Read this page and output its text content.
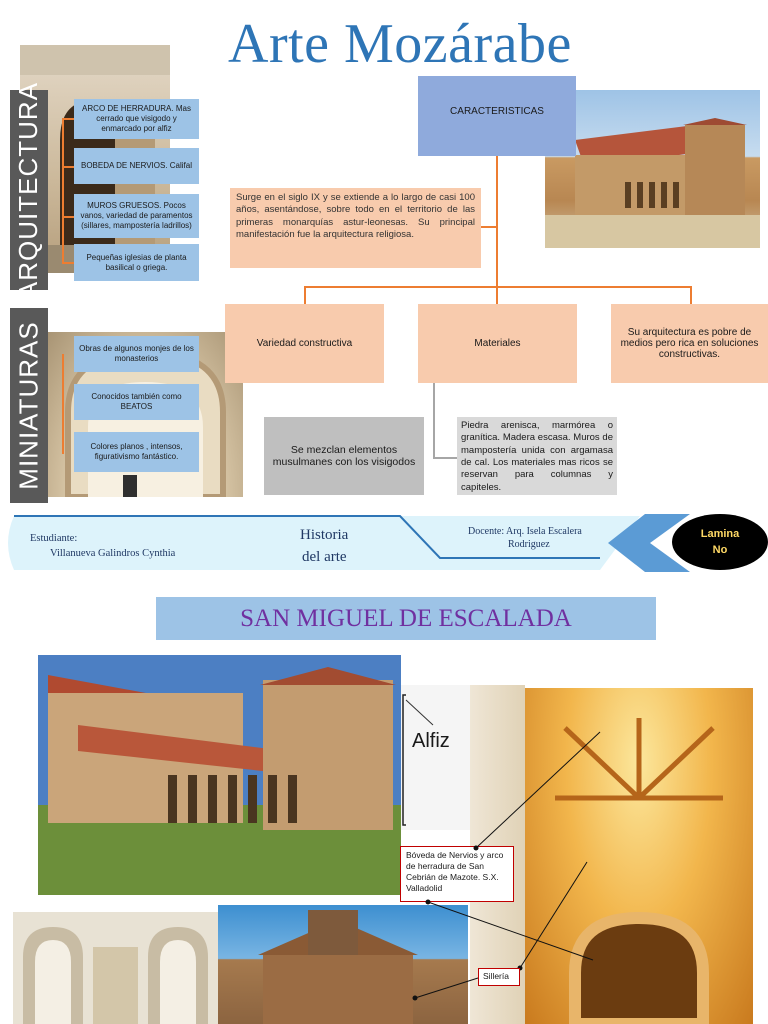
Arte Mozárabe
ARQUITECTURA
MINIATURAS
ARCO DE HERRADURA. Mas cerrado que visigodo y enmarcado por alfiz
BOBEDA DE NERVIOS. Califal
MUROS GRUESOS. Pocos vanos, variedad de paramentos (sillares, mampostería ladrillos)
Pequeñas iglesias de planta basilical o griega.
Obras de algunos monjes de los monasterios
Conocidos también como BEATOS
Colores planos , intensos, figurativismo fantástico.
Se mezclan elementos musulmanes con los visigodos
CARACTERISTICAS
Surge en el siglo IX y se extiende a lo largo de casi 100 años, asentándose, sobre todo en el territorio de las primeras monarquías astur-leonesas. Su principal manifestación fue la arquitectura religiosa.
Variedad constructiva	Materiales
Su arquitectura es pobre de medios pero rica en soluciones constructivas.
Piedra arenisca, marmórea o granítica. Madera escasa. Muros de mampostería unida con argamasa de cal. Los materiales mas ricos se reservan para columnas y capiteles.
Estudiante:
Villanueva Galindros Cynthia
Historia
del arte
Docente: Arq. Isela Escalera
Rodriguez
Lamina
No
SAN MIGUEL DE ESCALADA
Alfiz
Bóveda de Nervios y arco de herradura de San Cebrián de Mazote. S.X. Valladolid
Sillería
